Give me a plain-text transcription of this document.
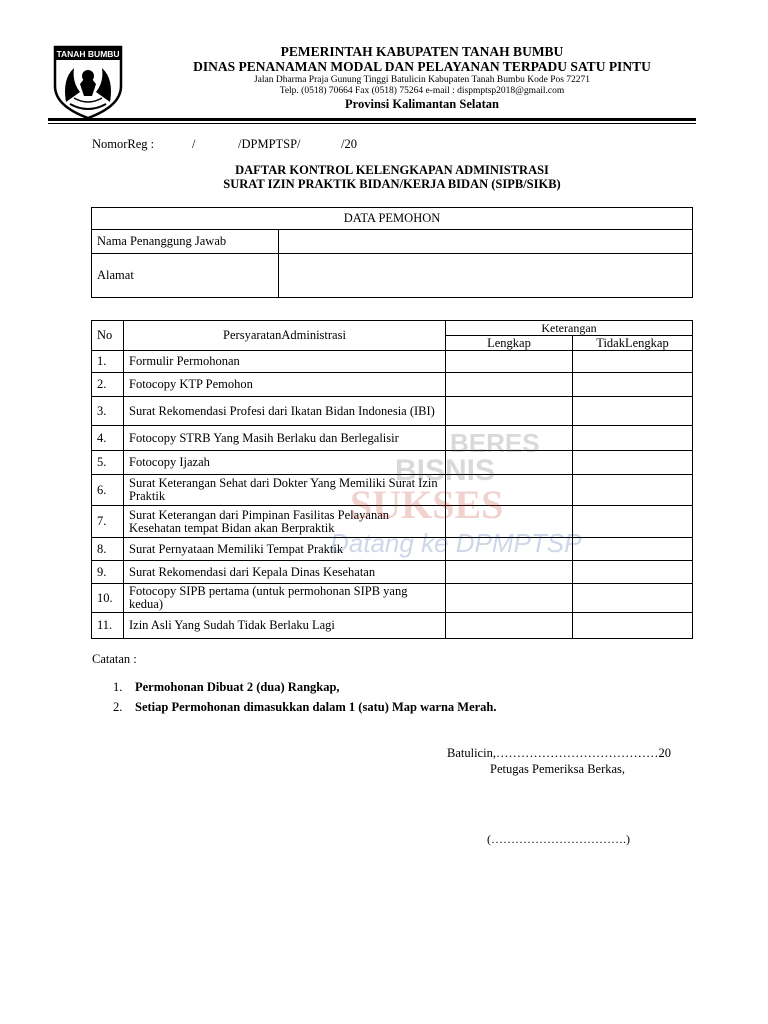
TANAH BUMBU	PEMERINTAH KABUPATEN TANAH BUMBU
DINAS PENANAMAN MODAL DAN PELAYANAN TERPADU SATU PINTU
Jalan Dharma Praja Gunung Tinggi Batulicin Kabupaten Tanah Bumbu Kode Pos 72271
Telp. (0518) 70664 Fax (0518) 75264 e-mail : dispmptsp2018@gmail.com
Provinsi Kalimantan Selatan
NomorReg :	/	/DPMPTSP/	/20
DAFTAR KONTROL KELENGKAPAN ADMINISTRASI
SURAT IZIN PRAKTIK BIDAN/KERJA BIDAN (SIPB/SIKB)
DATA PEMOHON	
Nama Penanggung Jawab	
Alamat	
No	PersyaratanAdministrasi	Keterangan	
		Lengkap	TidakLengkap
1.	Formulir Permohonan		
2.	Fotocopy KTP Pemohon		
3.	Surat Rekomendasi Profesi dari Ikatan Bidan Indonesia (IBI)		
4.	Fotocopy STRB Yang Masih Berlaku dan Berlegalisir		
5.	Fotocopy Ijazah		
6.	Surat Keterangan Sehat dari Dokter Yang Memiliki Surat Izin Praktik		
7.	Surat Keterangan dari Pimpinan Fasilitas Pelayanan Kesehatan tempat Bidan akan Berpraktik		
8.	Surat Pernyataan Memiliki Tempat Praktik		
9.	Surat Rekomendasi dari Kepala Dinas Kesehatan		
10.	Fotocopy SIPB pertama (untuk permohonan SIPB yang kedua)		
11.	Izin Asli Yang Sudah Tidak Berlaku Lagi		
BERES
BISNIS
SUKSES
Datang ke DPMPTSP
Catatan :
1. Permohonan Dibuat 2 (dua) Rangkap,
2. Setiap Permohonan dimasukkan dalam 1 (satu) Map warna Merah.
Batulicin,…………………………………20
Petugas Pemeriksa Berkas,
(…………………………….)
